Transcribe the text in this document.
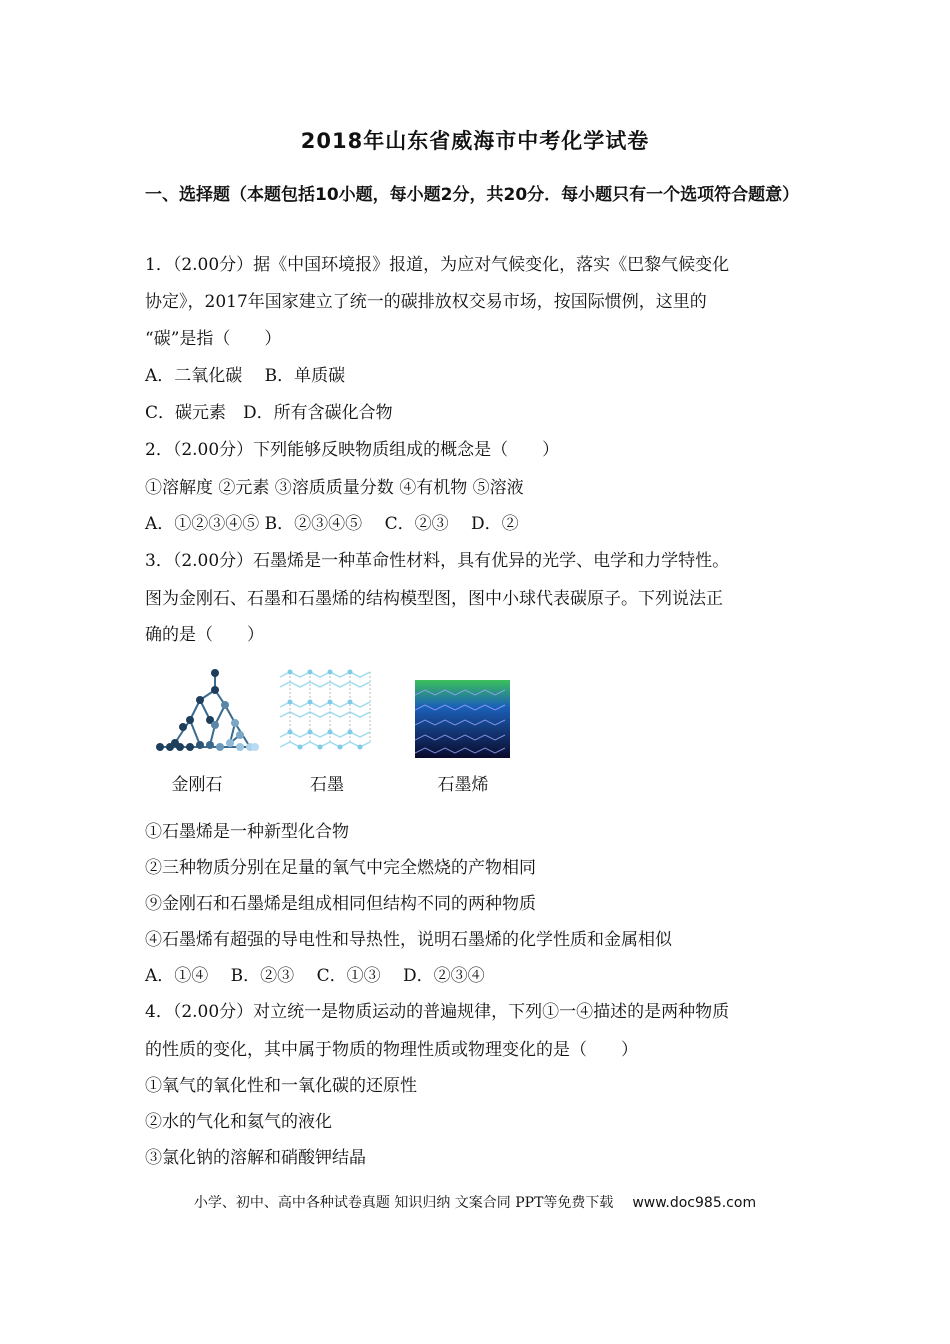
2018年山东省威海市中考化学试卷
一、选择题（本题包括10小题，每小题2分，共20分．每小题只有一个选项符合题意）
1．（2.00分）据《中国环境报》报道，为应对气候变化，落实《巴黎气候变化
协定》，2017年国家建立了统一的碳排放权交易市场，按国际惯例，这里的
“碳”是指（　　）
A．二氧化碳　 B．单质碳
C．碳元素　D．所有含碳化合物
2．（2.00分）下列能够反映物质组成的概念是（　　）
①溶解度 ②元素 ③溶质质量分数 ④有机物 ⑤溶液
A．①②③④⑤ B．②③④⑤　 C．②③　 D．②
3．（2.00分）石墨烯是一种革命性材料，具有优异的光学、电学和力学特性。
图为金刚石、石墨和石墨烯的结构模型图，图中小球代表碳原子。下列说法正
确的是（　　）
金刚石	石墨	石墨烯
①石墨烯是一种新型化合物
②三种物质分别在足量的氧气中完全燃烧的产物相同
⑨金刚石和石墨烯是组成相同但结构不同的两种物质
④石墨烯有超强的导电性和导热性，说明石墨烯的化学性质和金属相似
A．①④　 B．②③　 C．①③　 D．②③④
4．（2.00分）对立统一是物质运动的普遍规律，下列①一④描述的是两种物质
的性质的变化，其中属于物质的物理性质或物理变化的是（　　）
①氧气的氧化性和一氧化碳的还原性
②水的气化和氦气的液化
③氯化钠的溶解和硝酸钾结晶
小学、初中、高中各种试卷真题 知识归纳 文案合同 PPT等免费下载 www.doc985.com
